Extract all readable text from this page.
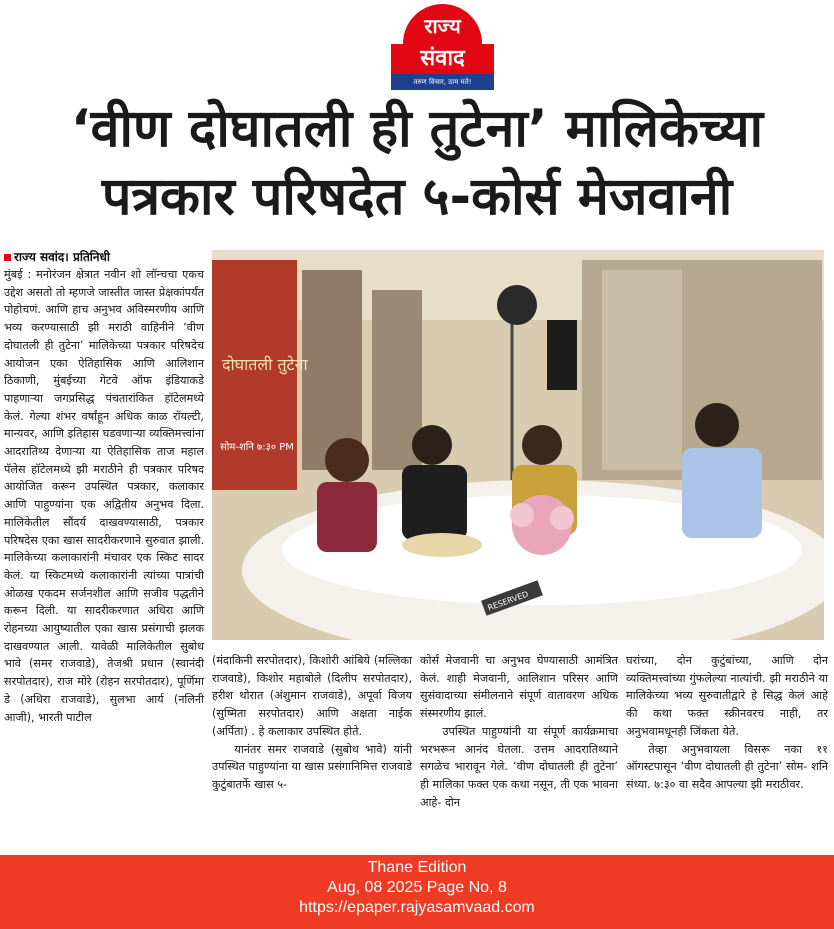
राज्य
संवाद
तरुण विचार, ठाम मते!
‘वीण दोघातली ही तुटेना’ मालिकेच्या
पत्रकार परिषदेत ५-कोर्स मेजवानी
राज्य सवांद। प्रतिनिधी

मुंबई : मनोरंजन क्षेत्रात नवीन शो लॉन्चचा एकच उद्देश असतो तो म्हणजे जास्तीत जास्त प्रेक्षकांपर्यंत पोहोचणं. आणि हाच अनुभव अविस्मरणीय आणि भव्य करण्यासाठी झी मराठी वाहिनीने ‘वीण दोघातली ही तुटेना’ मालिकेच्या पत्रकार परिषदेच आयोजन एका ऐतिहासिक आणि आलिशान ठिकाणी, मुंबईच्या गेटवे ऑफ इंडियाकडे पाहणाऱ्या जगप्रसिद्ध पंचतारांकित हॉटेलमध्ये केलं. गेल्या शंभर वर्षांहून अधिक काळ रॉयल्टी, मान्यवर, आणि इतिहास घडवणाऱ्या व्यक्तिमत्त्वांना आदरातिथ्य देणाऱ्या या ऐतिहासिक ताज महाल पॅलेस हॉटेलमध्ये झी मराठीने ही पत्रकार परिषद आयोजित करून उपस्थित पत्रकार, कलाकार आणि पाहुण्यांना एक अद्वितीय अनुभव दिला. मालिकेतील सौंदर्य दाखवण्यासाठी, पत्रकार परिषदेस एका खास सादरीकरणाने सुरुवात झाली. मालिकेच्या कलाकारांनी मंचावर एक स्किट सादर केलं. या स्किटमध्ये कलाकारांनी त्यांच्या पात्रांची ओळख एकदम सर्जनशील आणि सजीव पद्धतीने करून दिली. या सादरीकरणात अधिरा आणि रोहनच्या आयुष्यातील एका खास प्रसंगाची झलक दाखवण्यात आली. यावेळी मालिकेतील सुबोध भावे (समर राजवाडे), तेजश्री प्रधान (स्वानंदी सरपोतदार), राज मोरे (रोहन सरपोतदार), पूर्णिमा डे (अधिरा राजवाडे), सुलभा आर्य (नलिनी आजी), भारती पाटील

दोघातली तुटेना
सोम-शनि ७:३० PM
RESERVED

(मंदाकिनी सरपोतदार), किशोरी आंबिये (मल्लिका राजवाडे), किशोर महाबोले (दिलीप सरपोतदार), हरीश थोरात (अंशुमान राजवाडे), अपूर्वा विजय (सुष्मिता सरपोतदार) आणि अक्षता नाईक (अर्पिता) . हे कलाकार उपस्थित होते.

यानंतर समर राजवाडे (सुबोध भावे) यांनी उपस्थित पाहुण्यांना या खास प्रसंगानिमित्त राजवाडे कुटुंबातर्फे खास ५-

कोर्स मेजवानी चा अनुभव घेण्यासाठी आमंत्रित केलं. शाही मेजवानी, आलिशान परिसर आणि सुसंवादाच्या संमीलनाने संपूर्ण वातावरण अधिक संस्मरणीय झालं.

उपस्थित पाहुण्यांनी या संपूर्ण कार्यक्रमाचा भरभरून आनंद घेतला. उत्तम आदरातिथ्याने सगळेच भारावून गेले. ‘वीण दोघातली ही तुटेना’ ही मालिका फक्त एक कथा नसून, ती एक भावना आहे- दोन

घरांच्या, दोन कुटुंबांच्या, आणि दोन व्यक्तिमत्त्वांच्या गुंफलेल्या नात्यांची. झी मराठीने या मालिकेच्या भव्य सुरुवातीद्वारे हे सिद्ध केलं आहे की कथा फक्त स्क्रीनवरच नाही, तर अनुभवामधूनही जिंकता येते.

तेव्हा अनुभवायला विसरू नका ११ ऑगस्टपासून ‘वीण दोघातली ही तुटेना’ सोम- शनि संध्या. ७:३० वा सदैव आपल्या झी मराठीवर.

Thane Edition
Aug, 08 2025 Page No, 8
https://epaper.rajyasamvaad.com
